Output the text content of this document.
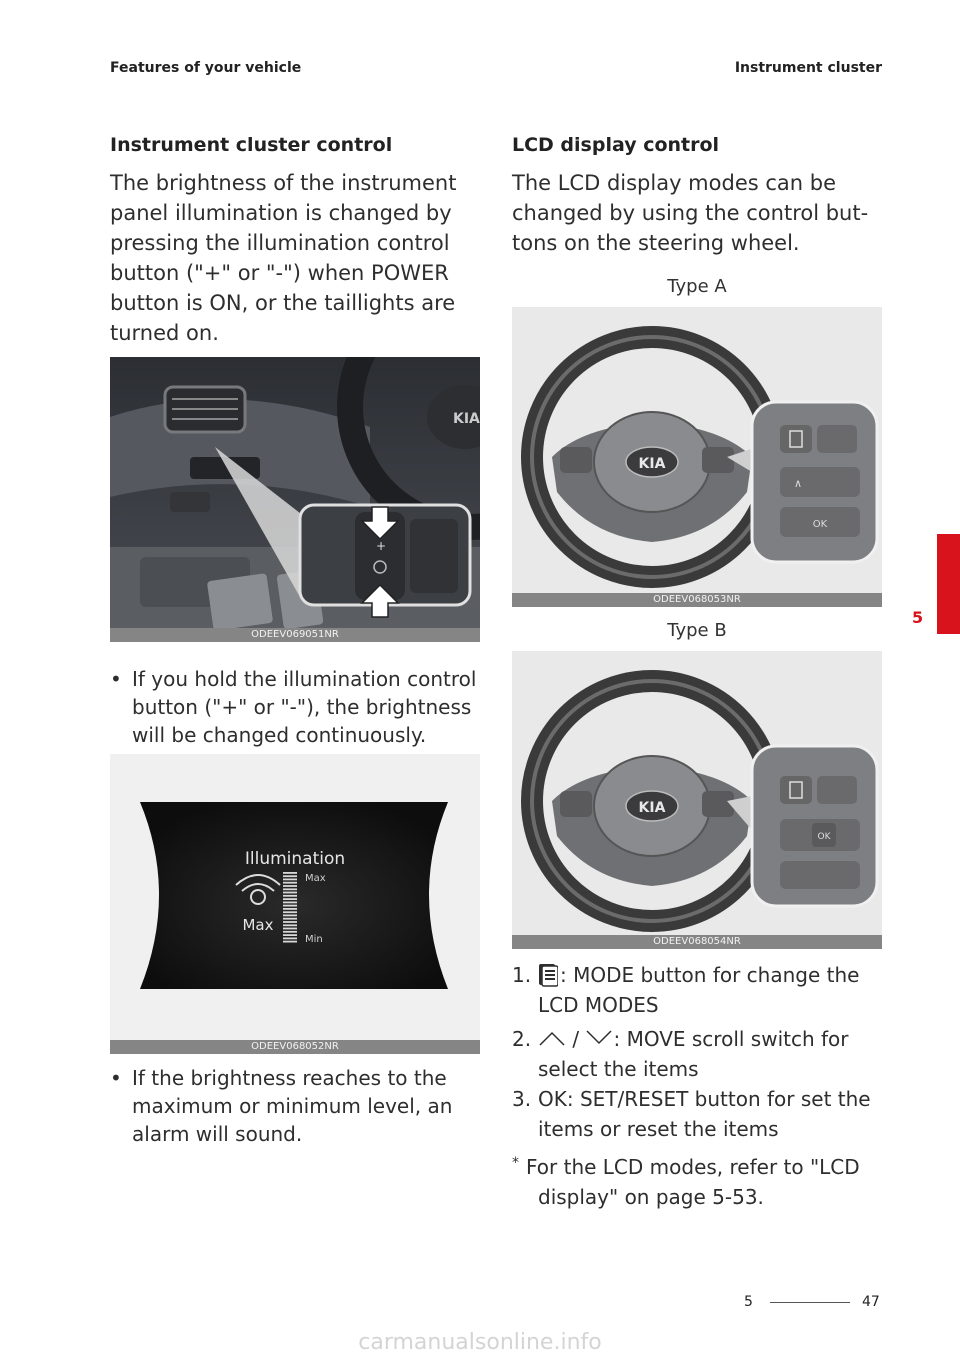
Features of your vehicle	Instrument cluster
Instrument cluster control
The brightness of the instrument
panel illumination is changed by
pressing the illumination control
button ("+" or "-") when POWER
button is ON, or the taillights are
turned on.
KIA
+
ODEEV069051NR
• If you hold the illumination control
button ("+" or "-"), the brightness
will be changed continuously.
Illumination
Max
Max
Min
ODEEV068052NR
• If the brightness reaches to the
maximum or minimum level, an
alarm will sound.
LCD display control
The LCD display modes can be
changed by using the control but-
tons on the steering wheel.
Type A
KIA
∧
OK
ODEEV068053NR
Type B
KIA
OK
ODEEV068054NR
1. : MODE button for change the
LCD MODES
2. / : MOVE scroll switch for
select the items
3. OK: SET/RESET button for set the
items or reset the items
* For the LCD modes, refer to "LCD
display" on page 5-53.
5
5	47
carmanualsonline.info
